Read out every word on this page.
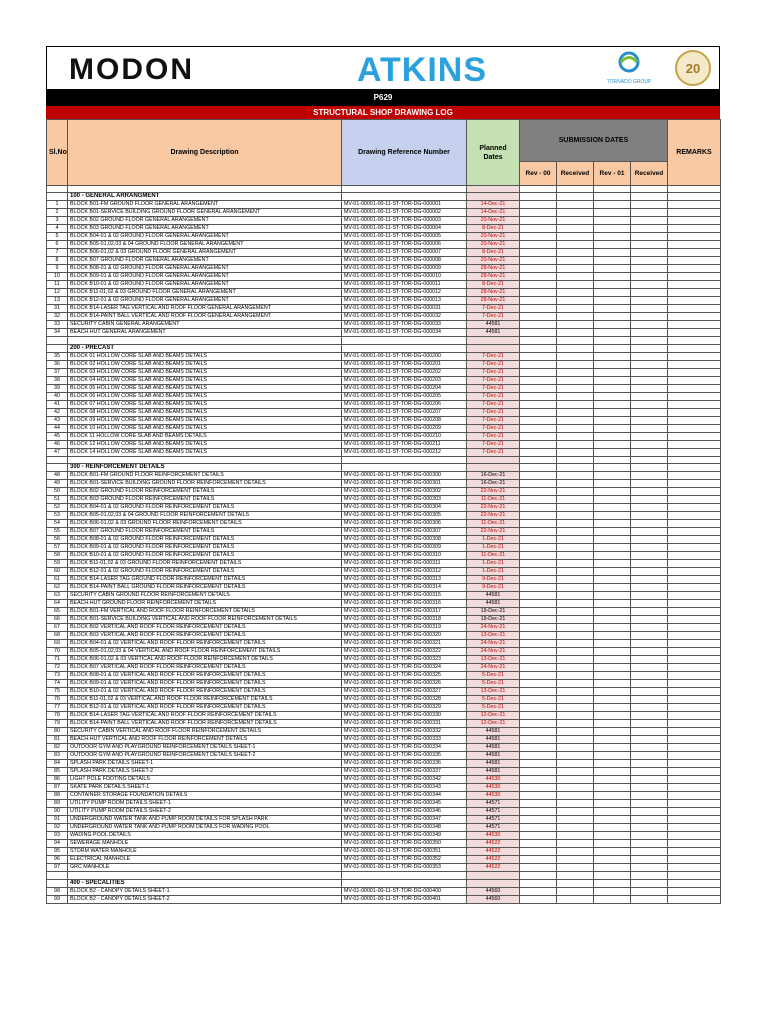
MODON	ATKINS	TORNADO GROUP
20
P629
STRUCTURAL SHOP DRAWING LOG
Sl.No	Drawing Description	Drawing Reference Number	Planned Dates	SUBMISSION DATES				REMARKS
				Rev - 00	Received	Rev - 01	Received	

	100 - GENERAL ARRANGMENT							
1	BLOCK B01-FM GROUND FLOOR GENERAL ARANGEMENT	MV-01-00001-00-11-ST-TOR-DG-000001	14-Dec-21					
2	BLOCK B01-SERVICE BUILDING GROUND FLOOR GENERAL ARANGEMENT	MV-01-00001-00-11-ST-TOR-DG-000002	14-Dec-21					
3	BLOCK B02 GROUND FLOOR GENERAL ARANGEMENT	MV-01-00001-00-11-ST-TOR-DG-000003	20-Nov-21					
4	BLOCK B03 GROUND FLOOR GENERAL ARANGEMENT	MV-01-00001-00-11-ST-TOR-DG-000004	8-Dec-21					
5	BLOCK B04-01 & 02 GROUND FLOOR GENERAL ARANGEMENT	MV-01-00001-00-11-ST-TOR-DG-000005	20-Nov-21					
6	BLOCK B05-01,02,03 & 04 GROUND FLOOR GENERAL ARANGEMENT	MV-01-00001-00-11-ST-TOR-DG-000006	20-Nov-21					
7	BLOCK B06-01,02 & 03 GROUND FLOOR GENERAL ARANGEMENT	MV-01-00001-00-11-ST-TOR-DG-000007	8-Dec-21					
8	BLOCK B07 GROUND FLOOR GENERAL ARANGEMENT	MV-01-00001-00-11-ST-TOR-DG-000008	20-Nov-21					
9	BLOCK B08-01 & 02 GROUND FLOOR GENERAL ARANGEMENT	MV-01-00001-00-11-ST-TOR-DG-000009	28-Nov-21					
10	BLOCK B09-01 & 02 GROUND FLOOR GENERAL ARANGEMENT	MV-01-00001-00-11-ST-TOR-DG-000010	28-Nov-21					
11	BLOCK B10-01 & 02 GROUND FLOOR GENERAL ARANGEMENT	MV-01-00001-00-11-ST-TOR-DG-000011	8-Dec-21					
12	BLOCK B11-01,02 & 03 GROUND FLOOR GENERAL ARANGEMENT	MV-01-00001-00-11-ST-TOR-DG-000012	28-Nov-21					
13	BLOCK B12-01 & 02 GROUND FLOOR GENERAL ARANGEMENT	MV-01-00001-00-11-ST-TOR-DG-000013	28-Nov-21					
31	BLOCK B14-LASER TAG VERTICAL AND ROOF FLOOR GENERAL ARANGEMENT	MV-01-00001-00-11-ST-TOR-DG-000031	7-Dec-21					
32	BLOCK B14-PAINT BALL VERTICAL AND ROOF FLOOR GENERAL ARANGEMENT	MV-01-00001-00-11-ST-TOR-DG-000032	7-Dec-21					
33	SECURITY CABIN GENERAL ARANGEMENT	MV-01-00001-00-11-ST-TOR-DG-000033	44581					
34	BEACH HUT GENERAL ARANGEMENT	MV-01-00001-00-11-ST-TOR-DG-000034	44581					

	200 - PRECAST							
35	BLOCK 01 HOLLOW CORE SLAB AND BEAMS DETAILS	MV-01-00001-00-11-ST-TOR-DG-000200	7-Dec-21					
36	BLOCK 02 HOLLOW CORE SLAB AND BEAMS DETAILS	MV-01-00001-00-11-ST-TOR-DG-000201	7-Dec-21					
37	BLOCK 03 HOLLOW CORE SLAB AND BEAMS DETAILS	MV-01-00001-00-11-ST-TOR-DG-000202	7-Dec-21					
38	BLOCK 04 HOLLOW CORE SLAB AND BEAMS DETAILS	MV-01-00001-00-11-ST-TOR-DG-000203	7-Dec-21					
39	BLOCK 05 HOLLOW CORE SLAB AND BEAMS DETAILS	MV-01-00001-00-11-ST-TOR-DG-000204	7-Dec-21					
40	BLOCK 06 HOLLOW CORE SLAB AND BEAMS DETAILS	MV-01-00001-00-11-ST-TOR-DG-000205	7-Dec-21					
41	BLOCK 07 HOLLOW CORE SLAB AND BEAMS DETAILS	MV-01-00001-00-11-ST-TOR-DG-000206	7-Dec-21					
42	BLOCK 08 HOLLOW CORE SLAB AND BEAMS DETAILS	MV-01-00001-00-11-ST-TOR-DG-000207	7-Dec-21					
43	BLOCK 09 HOLLOW CORE SLAB AND BEAMS DETAILS	MV-01-00001-00-11-ST-TOR-DG-000208	7-Dec-21					
44	BLOCK 10 HOLLOW CORE SLAB AND BEAMS DETAILS	MV-01-00001-00-11-ST-TOR-DG-000209	7-Dec-21					
45	BLOCK 11 HOLLOW CORE SLAB AND BEAMS DETAILS	MV-01-00001-00-11-ST-TOR-DG-000210	7-Dec-21					
46	BLOCK 12 HOLLOW CORE SLAB AND BEAMS DETAILS	MV-01-00001-00-11-ST-TOR-DG-000211	7-Dec-21					
47	BLOCK 14 HOLLOW CORE SLAB AND BEAMS DETAILS	MV-01-00001-00-11-ST-TOR-DG-000212	7-Dec-21					

	300 - REINFORCEMENT DETAILS							
48	BLOCK B01-FM GROUND FLOOR REINFORCEMENT DETAILS	MV-01-00001-00-11-ST-TOR-DG-000300	16-Dec-21					
49	BLOCK B01-SERVICE BUILDING GROUND FLOOR REINFORCEMENT DETAILS	MV-01-00001-00-11-ST-TOR-DG-000301	16-Dec-21					
50	BLOCK B02 GROUND FLOOR REINFORCEMENT DETAILS	MV-01-00001-00-11-ST-TOR-DG-000302	22-Nov-21					
51	BLOCK B03 GROUND FLOOR REINFORCEMENT DETAILS	MV-01-00001-00-11-ST-TOR-DG-000303	11-Dec-21					
52	BLOCK B04-01 & 02 GROUND FLOOR REINFORCEMENT DETAILS	MV-01-00001-00-11-ST-TOR-DG-000304	22-Nov-21					
53	BLOCK B05-01,02,03 & 04 GROUND FLOOR REINFORCEMENT DETAILS	MV-01-00001-00-11-ST-TOR-DG-000305	22-Nov-21					
54	BLOCK B06-01,02 & 03 GROUND FLOOR REINFORCEMENT DETAILS	MV-01-00001-00-11-ST-TOR-DG-000306	11-Dec-21					
55	BLOCK B07 GROUND FLOOR REINFORCEMENT DETAILS	MV-01-00001-00-11-ST-TOR-DG-000307	22-Nov-21					
56	BLOCK B08-01 & 02 GROUND FLOOR REINFORCEMENT DETAILS	MV-01-00001-00-11-ST-TOR-DG-000308	1-Dec-21					
57	BLOCK B09-01 & 02 GROUND FLOOR REINFORCEMENT DETAILS	MV-01-00001-00-11-ST-TOR-DG-000309	1-Dec-21					
58	BLOCK B10-01 & 02 GROUND FLOOR REINFORCEMENT DETAILS	MV-01-00001-00-11-ST-TOR-DG-000310	11-Dec-21					
59	BLOCK B11-01,02 & 03 GROUND FLOOR REINFORCEMENT DETAILS	MV-01-00001-00-11-ST-TOR-DG-000311	1-Dec-21					
60	BLOCK B12-01 & 02 GROUND FLOOR REINFORCEMENT DETAILS	MV-01-00001-00-11-ST-TOR-DG-000312	1-Dec-21					
61	BLOCK B14-LASER TAG GROUND FLOOR REINFORCEMENT DETAILS	MV-01-00001-00-11-ST-TOR-DG-000313	9-Dec-21					
62	BLOCK B14-PAINT BALL GROUND FLOOR REINFORCEMENT DETAILS	MV-01-00001-00-11-ST-TOR-DG-000314	9-Dec-21					
63	SECURITY CABIN GROUND FLOOR REINFORCEMENT DETAILS	MV-01-00001-00-11-ST-TOR-DG-000315	44581					
64	BEACH HUT GROUND FLOOR REINFORCEMENT DETAILS	MV-01-00001-00-11-ST-TOR-DG-000316	44581					
65	BLOCK B01-FM VERTICAL AND ROOF FLOOR REINFORCEMENT DETAILS	MV-01-00001-00-11-ST-TOR-DG-000317	19-Dec-21					
66	BLOCK B01-SERVICE BUILDING VERTICAL AND ROOF FLOOR REINFORCEMENT DETAILS	MV-01-00001-00-11-ST-TOR-DG-000318	19-Dec-21					
67	BLOCK B02 VERTICAL AND ROOF FLOOR REINFORCEMENT DETAILS	MV-01-00001-00-11-ST-TOR-DG-000319	24-Nov-21					
68	BLOCK B03 VERTICAL AND ROOF FLOOR REINFORCEMENT DETAILS	MV-01-00001-00-11-ST-TOR-DG-000320	13-Dec-21					
69	BLOCK B04-01 & 02 VERTICAL AND ROOF FLOOR REINFORCEMENT DETAILS	MV-01-00001-00-11-ST-TOR-DG-000321	24-Nov-21					
70	BLOCK B05-01,02,03 & 04 VERTICAL AND ROOF FLOOR REINFORCEMENT DETAILS	MV-01-00001-00-11-ST-TOR-DG-000322	24-Nov-21					
71	BLOCK B06-01,02 & 03 VERTICAL AND ROOF FLOOR REINFORCEMENT DETAILS	MV-01-00001-00-11-ST-TOR-DG-000323	13-Dec-21					
72	BLOCK B07 VERTICAL AND ROOF FLOOR REINFORCEMENT DETAILS	MV-01-00001-00-11-ST-TOR-DG-000324	24-Nov-21					
73	BLOCK B08-01 & 02 VERTICAL AND ROOF FLOOR REINFORCEMENT DETAILS	MV-01-00001-00-11-ST-TOR-DG-000325	5-Dec-21					
74	BLOCK B09-01 & 02 VERTICAL AND ROOF FLOOR REINFORCEMENT DETAILS	MV-01-00001-00-11-ST-TOR-DG-000326	5-Dec-21					
75	BLOCK B10-01 & 02 VERTICAL AND ROOF FLOOR REINFORCEMENT DETAILS	MV-01-00001-00-11-ST-TOR-DG-000327	13-Dec-21					
76	BLOCK B11-01,02 & 03 VERTICAL AND ROOF FLOOR REINFORCEMENT DETAILS	MV-01-00001-00-11-ST-TOR-DG-000328	5-Dec-21					
77	BLOCK B12-01 & 02 VERTICAL AND ROOF FLOOR REINFORCEMENT DETAILS	MV-01-00001-00-11-ST-TOR-DG-000329	5-Dec-21					
78	BLOCK B14-LASER TAG VERTICAL AND ROOF FLOOR REINFORCEMENT DETAILS	MV-01-00001-00-11-ST-TOR-DG-000330	12-Dec-21					
79	BLOCK B14-PAINT BALL VERTICAL AND ROOF FLOOR REINFORCEMENT DETAILS	MV-01-00001-00-11-ST-TOR-DG-000331	12-Dec-21					
80	SECURITY CABIN VERTICAL AND ROOF FLOOR REINFORCEMENT DETAILS	MV-01-00001-00-11-ST-TOR-DG-000332	44581					
81	BEACH HUT VERTICAL AND ROOF FLOOR REINFORCEMENT DETAILS	MV-01-00001-00-11-ST-TOR-DG-000333	44581					
82	OUTDOOR GYM AND PLAYGROUND REINFORCEMENT DETAILS SHEET-1	MV-01-00001-00-11-ST-TOR-DG-000334	44581					
83	OUTDOOR GYM AND PLAYGROUND REINFORCEMENT DETAILS SHEET-2	MV-01-00001-00-11-ST-TOR-DG-000335	44581					
84	SPLASH PARK DETAILS SHEET-1	MV-01-00001-00-11-ST-TOR-DG-000336	44581					
85	SPLASH PARK DETAILS SHEET-2	MV-01-00001-00-11-ST-TOR-DG-000337	44581					
86	LIGHT POLE FOOTING DETAILS	MV-01-00001-00-11-ST-TOR-DG-000342	44530					
87	SKATE PARK DETAILS SHEET-1	MV-01-00001-00-11-ST-TOR-DG-000343	44530					
88	CONTAINER STORAGE FOUNDATION DETAILS	MV-01-00001-00-11-ST-TOR-DG-000344	44530					
89	UTILITY PUMP ROOM DETAILS SHEET-1	MV-01-00001-00-11-ST-TOR-DG-000345	44571					
90	UTILITY PUMP ROOM DETAILS SHEET-2	MV-01-00001-00-11-ST-TOR-DG-000346	44571					
91	UNDERGROUND WATER TANK AND PUMP ROOM DETAILS FOR SPLASH PARK	MV-01-00001-00-11-ST-TOR-DG-000347	44571					
92	UNDERGROUND WATER TANK AND PUMP ROOM DETAILS FOR WADING POOL	MV-01-00001-00-11-ST-TOR-DG-000348	44571					
93	WADING POOL DETAILS	MV-01-00001-00-11-ST-TOR-DG-000349	44530					
94	SEWERAGE MANHOLE	MV-01-00001-00-11-ST-TOR-DG-000350	44522					
95	STORM WATER MANHOLE	MV-01-00001-00-11-ST-TOR-DG-000351	44522					
96	ELECTRICAL MANHOLE	MV-01-00001-00-11-ST-TOR-DG-000352	44522					
97	GRC MANHOLE	MV-01-00001-00-11-ST-TOR-DG-000353	44522					

	400 - SPECALITIES							
98	BLOCK B2 - CANOPY DETAILS SHEET-1	MV-01-00001-00-11-ST-TOR-DG-000400	44560					
99	BLOCK B2 - CANOPY DETAILS SHEET-2	MV-01-00001-00-11-ST-TOR-DG-000401	44560					
